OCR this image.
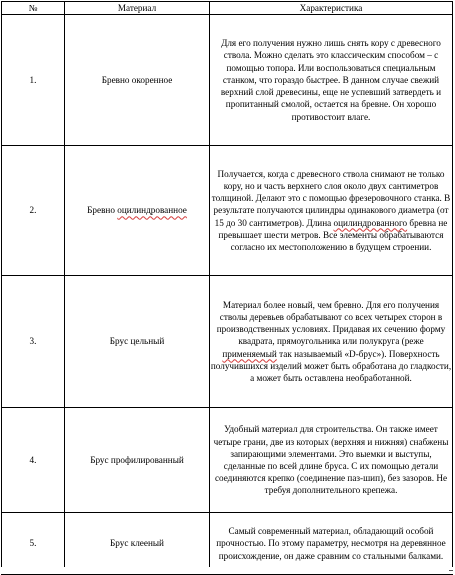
№	Материал	Характеристика
1.	Бревно окоренное	Для его получения нужно лишь снять кору с древесного ствола. Можно сделать это классическим способом – с помощью топора. Или воспользоваться специальным станком, что гораздо быстрее. В данном случае свежий верхний слой древесины, еще не успевший затвердеть и пропитанный смолой, остается на бревне. Он хорошо противостоит влаге.
2.	Бревно оцилиндрованное	Получается, когда с древесного ствола снимают не только кору, но и часть верхнего слоя около двух сантиметров толщиной. Делают это с помощью фрезеровочного станка. В результате получаются цилиндры одинакового диаметра (от 15 до 30 сантиметров). Длина оцилиндрованного бревна не превышает шести метров. Все элементы обрабатываются согласно их местоположению в будущем строении.
3.	Брус цельный	Материал более новый, чем бревно. Для его получения стволы деревьев обрабатывают со всех четырех сторон в производственных условиях. Придавая их сечению форму квадрата, прямоугольника или полукруга (реже применяемый так называемый «D-брус»). Поверхность получившихся изделий может быть обработана до гладкости, а может быть оставлена необработанной.
4.	Брус профилированный	Удобный материал для строительства. Он также имеет четыре грани, две из которых (верхняя и нижняя) снабжены запирающими элементами. Это выемки и выступы, сделанные по всей длине бруса. С их помощью детали соединяются крепко (соединение паз-шип), без зазоров. Не требуя дополнительного крепежа.
5.	Брус клееный	Самый современный материал, обладающий особой прочностью. По этому параметру, несмотря на деревянное происхождение, он даже сравним со стальными балками.
